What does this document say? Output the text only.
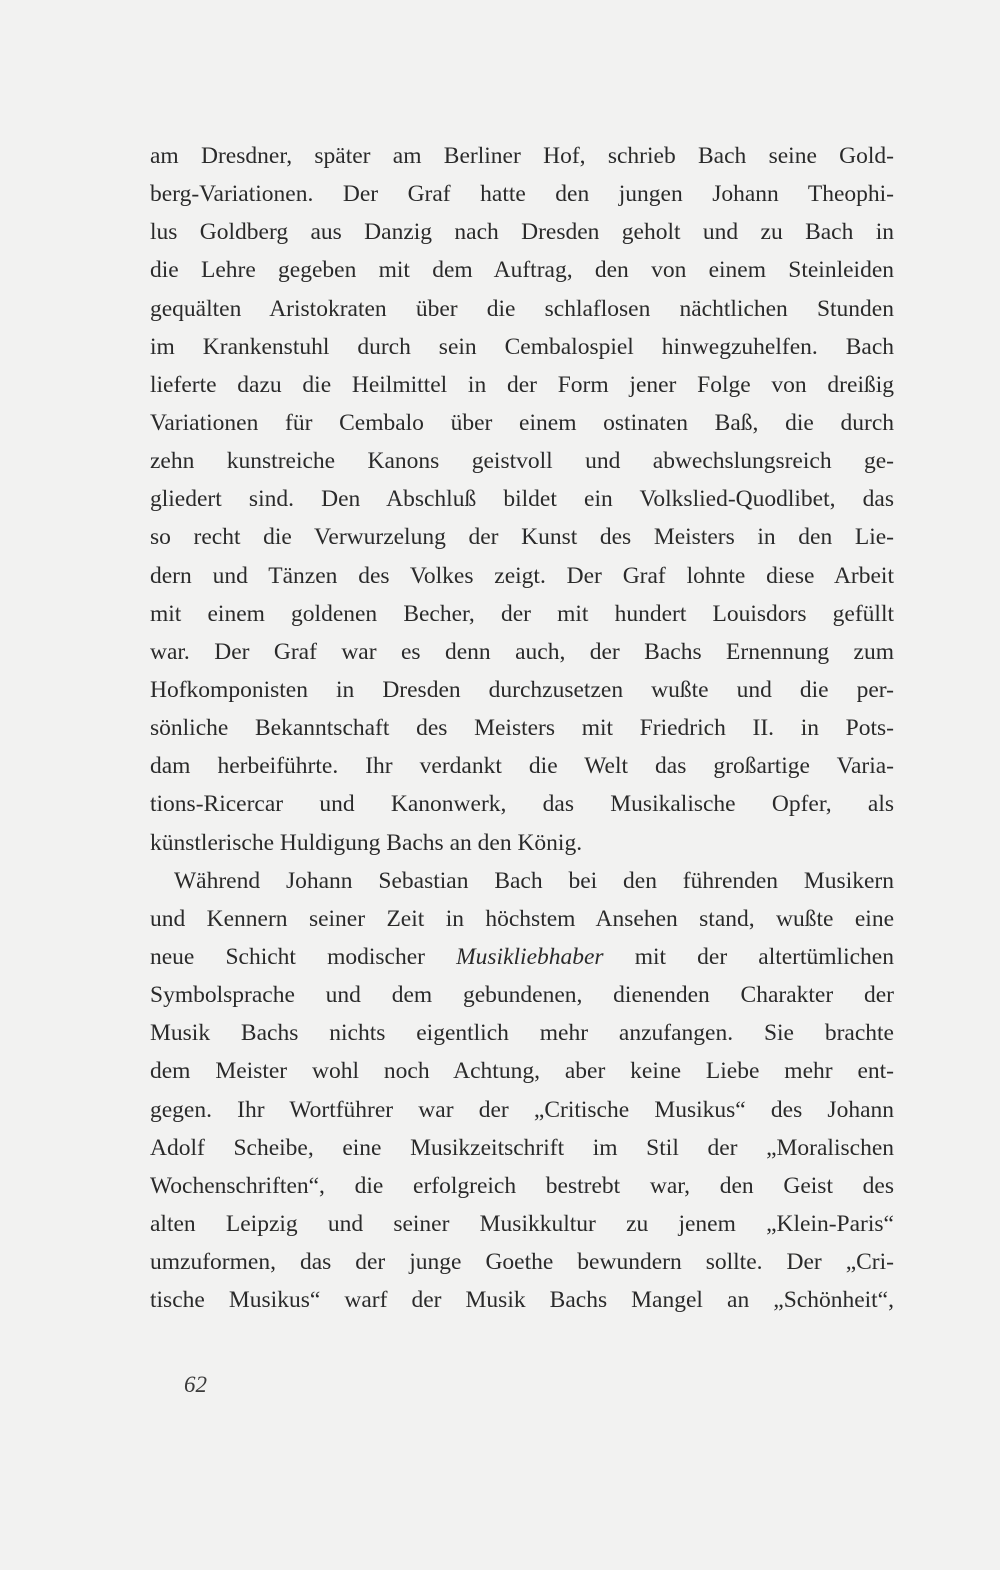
am Dresdner, später am Berliner Hof, schrieb Bach seine Gold-
berg-Variationen. Der Graf hatte den jungen Johann Theophi-
lus Goldberg aus Danzig nach Dresden geholt und zu Bach in
die Lehre gegeben mit dem Auftrag, den von einem Steinleiden
gequälten Aristokraten über die schlaflosen nächtlichen Stunden
im Krankenstuhl durch sein Cembalospiel hinwegzuhelfen. Bach
lieferte dazu die Heilmittel in der Form jener Folge von dreißig
Variationen für Cembalo über einem ostinaten Baß, die durch
zehn kunstreiche Kanons geistvoll und abwechslungsreich ge-
gliedert sind. Den Abschluß bildet ein Volkslied-Quodlibet, das
so recht die Verwurzelung der Kunst des Meisters in den Lie-
dern und Tänzen des Volkes zeigt. Der Graf lohnte diese Arbeit
mit einem goldenen Becher, der mit hundert Louisdors gefüllt
war. Der Graf war es denn auch, der Bachs Ernennung zum
Hofkomponisten in Dresden durchzusetzen wußte und die per-
sönliche Bekanntschaft des Meisters mit Friedrich II. in Pots-
dam herbeiführte. Ihr verdankt die Welt das großartige Varia-
tions-Ricercar und Kanonwerk, das Musikalische Opfer, als
künstlerische Huldigung Bachs an den König.
Während Johann Sebastian Bach bei den führenden Musikern
und Kennern seiner Zeit in höchstem Ansehen stand, wußte eine
neue Schicht modischer Musikliebhaber mit der altertümlichen
Symbolsprache und dem gebundenen, dienenden Charakter der
Musik Bachs nichts eigentlich mehr anzufangen. Sie brachte
dem Meister wohl noch Achtung, aber keine Liebe mehr ent-
gegen. Ihr Wortführer war der „Critische Musikus“ des Johann
Adolf Scheibe, eine Musikzeitschrift im Stil der „Moralischen
Wochenschriften“, die erfolgreich bestrebt war, den Geist des
alten Leipzig und seiner Musikkultur zu jenem „Klein-Paris“
umzuformen, das der junge Goethe bewundern sollte. Der „Cri-
tische Musikus“ warf der Musik Bachs Mangel an „Schönheit“,
62
